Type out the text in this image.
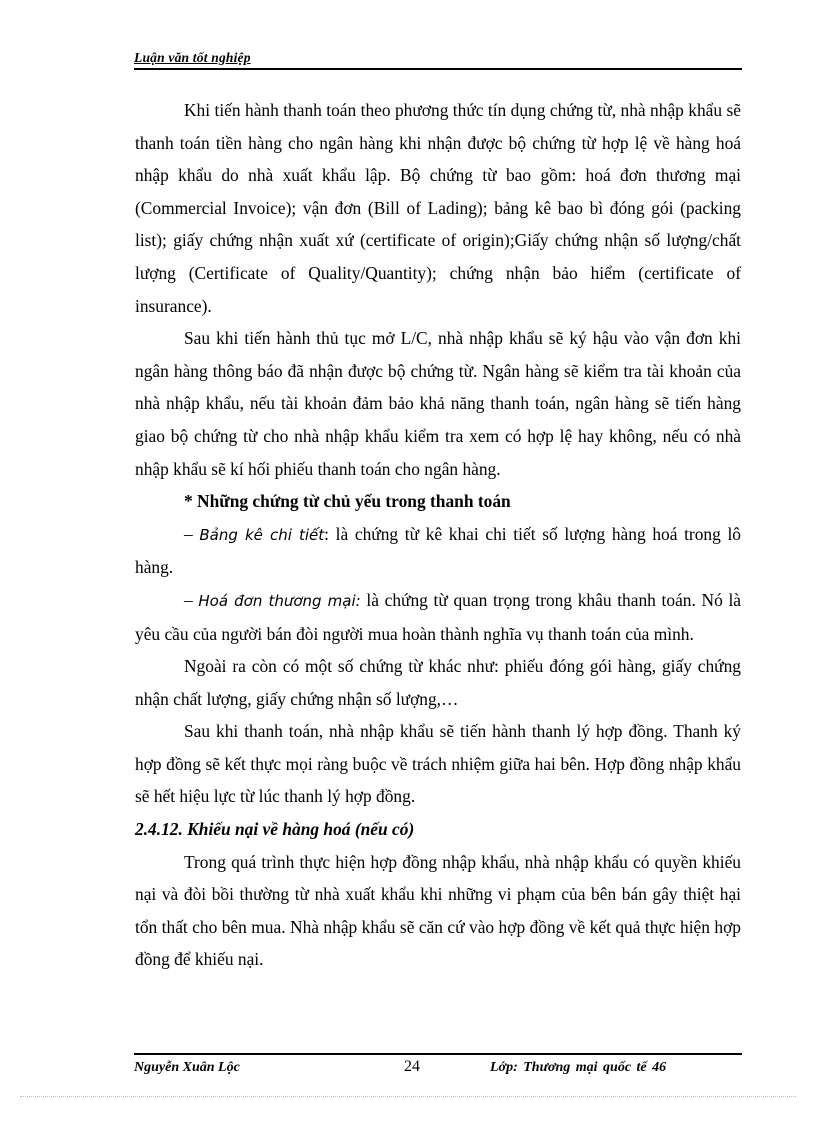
Luận văn tốt nghiệp

Khi tiến hành thanh toán theo phương thức tín dụng chứng từ, nhà nhập khẩu sẽ thanh toán tiền hàng cho ngân hàng khi nhận được bộ chứng từ hợp lệ về hàng hoá nhập khẩu do nhà xuất khẩu lập. Bộ chứng từ bao gồm: hoá đơn thương mại (Commercial Invoice); vận đơn (Bill of Lading); bảng kê bao bì đóng gói (packing list); giấy chứng nhận xuất xứ (certificate of origin);Giấy chứng nhận số lượng/chất lượng (Certificate of Quality/Quantity); chứng nhận bảo hiểm (certificate of insurance).

Sau khi tiến hành thủ tục mở L/C, nhà nhập khẩu sẽ ký hậu vào vận đơn khi ngân hàng thông báo đã nhận được bộ chứng từ. Ngân hàng sẽ kiểm tra tài khoản của nhà nhập khẩu, nếu tài khoản đảm bảo khả năng thanh toán, ngân hàng sẽ tiến hàng giao bộ chứng từ cho nhà nhập khẩu kiểm tra xem có hợp lệ hay không, nếu có nhà nhập khẩu sẽ kí hối phiếu thanh toán cho ngân hàng.

* Những chứng từ chủ yếu trong thanh toán

– Bảng kê chi tiết: là chứng từ kê khai chi tiết số lượng hàng hoá trong lô hàng.

– Hoá đơn thương mại: là chứng từ quan trọng trong khâu thanh toán. Nó là yêu cầu của người bán đòi người mua hoàn thành nghĩa vụ thanh toán của mình.

Ngoài ra còn có một số chứng từ khác như: phiếu đóng gói hàng, giấy chứng nhận chất lượng, giấy chứng nhận số lượng,…

Sau khi thanh toán, nhà nhập khẩu sẽ tiến hành thanh lý hợp đồng. Thanh ký hợp đồng sẽ kết thực mọi ràng buộc về trách nhiệm giữa hai bên. Hợp đồng nhập khẩu sẽ hết hiệu lực từ lúc thanh lý hợp đồng.

2.4.12. Khiếu nại về hàng hoá (nếu có)

Trong quá trình thực hiện hợp đồng nhập khẩu, nhà nhập khẩu có quyền khiếu nại và đòi bồi thường từ nhà xuất khẩu khi những vi phạm của bên bán gây thiệt hại tổn thất cho bên mua. Nhà nhập khẩu sẽ căn cứ vào hợp đồng về kết quả thực hiện hợp đồng để khiếu nại.

Nguyễn Xuân Lộc	24	Lớp: Thương mại quốc tế 46
